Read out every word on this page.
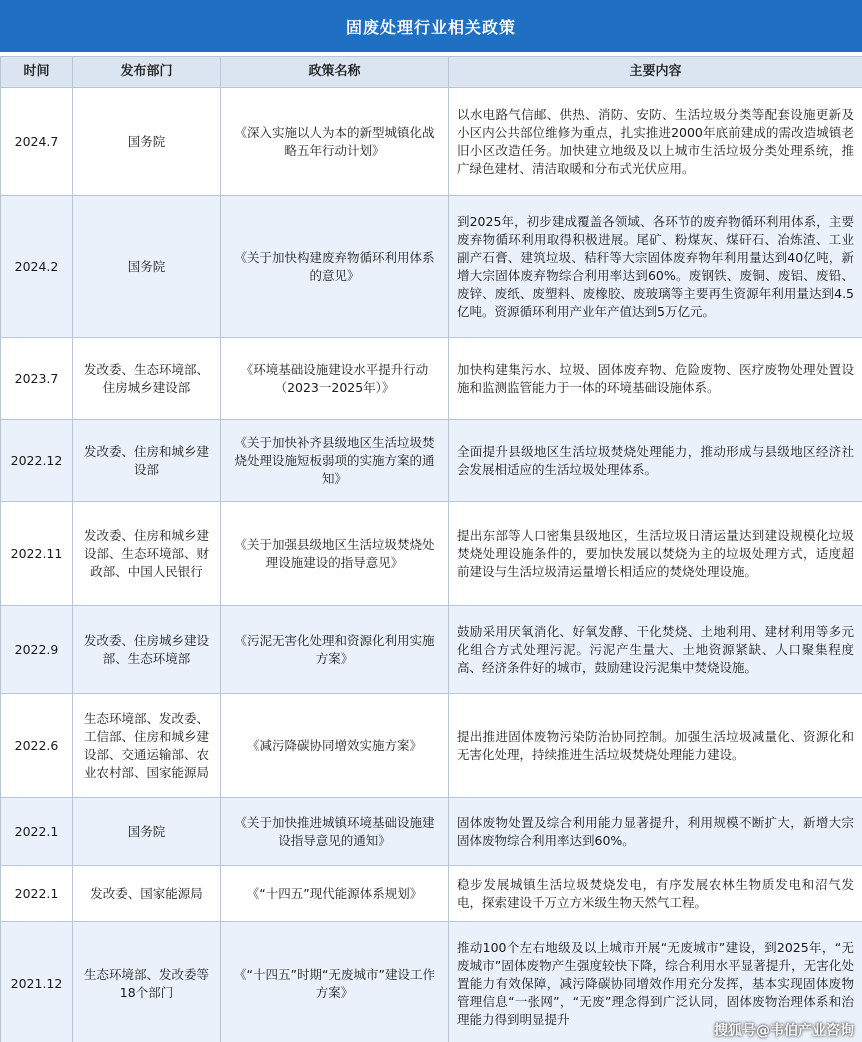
固废处理行业相关政策
时间	发布部门	政策名称	主要内容
2024.7	国务院	《深入实施以人为本的新型城镇化战略五年行动计划》	以水电路气信邮、供热、消防、安防、生活垃圾分类等配套设施更新及小区内公共部位维修为重点，扎实推进2000年底前建成的需改造城镇老旧小区改造任务。加快建立地级及以上城市生活垃圾分类处理系统，推广绿色建材、清洁取暖和分布式光伏应用。
2024.2	国务院	《关于加快构建废弃物循环利用体系的意见》	到2025年，初步建成覆盖各领域、各环节的废弃物循环利用体系，主要废弃物循环利用取得积极进展。尾矿、粉煤灰、煤矸石、冶炼渣、工业副产石膏、建筑垃圾、秸秆等大宗固体废弃物年利用量达到40亿吨，新增大宗固体废弃物综合利用率达到60%。废钢铁、废铜、废铝、废铅、废锌、废纸、废塑料、废橡胶、废玻璃等主要再生资源年利用量达到4.5亿吨。资源循环利用产业年产值达到5万亿元。
2023.7	发改委、生态环境部、住房城乡建设部	《环境基础设施建设水平提升行动（2023一2025年）》	加快构建集污水、垃圾、固体废弃物、危险废物、医疗废物处理处置设施和监测监管能力于一体的环境基础设施体系。
2022.12	发改委、住房和城乡建设部	《关于加快补齐县级地区生活垃圾焚烧处理设施短板弱项的实施方案的通知》	全面提升县级地区生活垃圾焚烧处理能力，推动形成与县级地区经济社会发展相适应的生活垃圾处理体系。
2022.11	发改委、住房和城乡建设部、生态环境部、财政部、中国人民银行	《关于加强县级地区生活垃圾焚烧处理设施建设的指导意见》	提出东部等人口密集县级地区，生活垃圾日清运量达到建设规模化垃圾焚烧处理设施条件的，要加快发展以焚烧为主的垃圾处理方式，适度超前建设与生活垃圾清运量增长相适应的焚烧处理设施。
2022.9	发改委、住房城乡建设部、生态环境部	《污泥无害化处理和资源化利用实施方案》	鼓励采用厌氧消化、好氧发酵、干化焚烧、土地利用、建材利用等多元化组合方式处理污泥。污泥产生量大、土地资源紧缺、人口聚集程度高、经济条件好的城市，鼓励建设污泥集中焚烧设施。
2022.6	生态环境部、发改委、工信部、住房和城乡建设部、交通运输部、农业农村部、国家能源局	《减污降碳协同增效实施方案》	提出推进固体废物污染防治协同控制。加强生活垃圾减量化、资源化和无害化处理，持续推进生活垃圾焚烧处理能力建设。
2022.1	国务院	《关于加快推进城镇环境基础设施建设指导意见的通知》	固体废物处置及综合利用能力显著提升，利用规模不断扩大，新增大宗固体废物综合利用率达到60%。
2022.1	发改委、国家能源局	《“十四五”现代能源体系规划》	稳步发展城镇生活垃圾焚烧发电，有序发展农林生物质发电和沼气发电，探索建设千万立方米级生物天然气工程。
2021.12	生态环境部、发改委等18个部门	《“十四五”时期“无废城市”建设工作方案》	推动100个左右地级及以上城市开展“无废城市”建设，到2025年，“无废城市”固体废物产生强度较快下降，综合利用水平显著提升，无害化处置能力有效保障，减污降碳协同增效作用充分发挥，基本实现固体废物管理信息“一张网”，“无废”理念得到广泛认同，固体废物治理体系和治理能力得到明显提升
搜狐号@韦伯产业咨询
